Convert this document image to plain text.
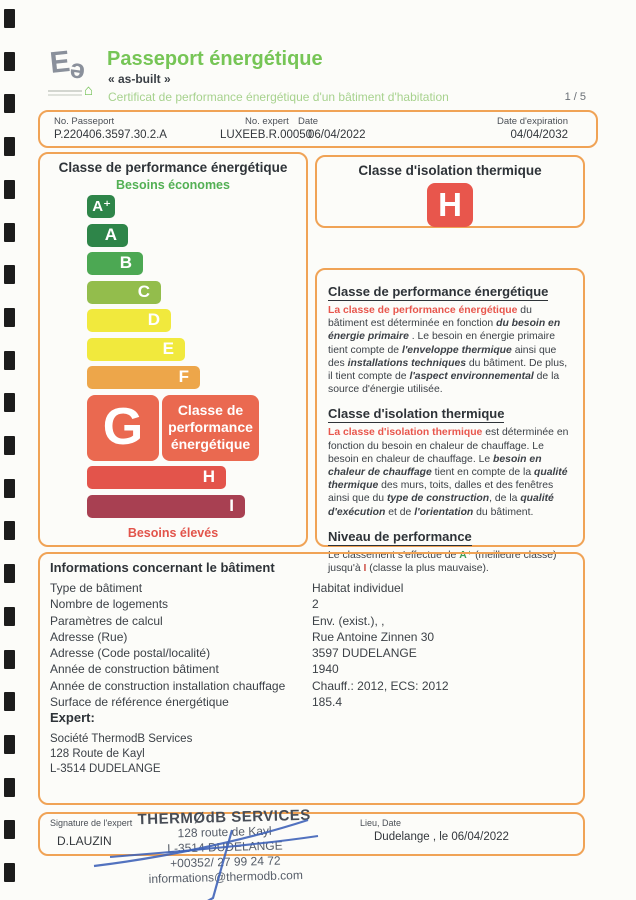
E
ə
⌂
Passeport énergétique
« as-built »
Certificat de performance énergétique d'un bâtiment d'habitation	1 / 5
No. Passeport
P.220406.3597.30.2.A
No. expert
LUXEEB.R.00050
Date
06/04/2022
Date d'expiration
04/04/2032
Classe de performance énergétique
Besoins économes
A⁺
A
B
C
D
E
F
G	Classe de
performance
énergétique
H
I
Besoins élevés
Classe d'isolation thermique
H
Classe de performance énergétique

La classe de performance énergétique du bâtiment est déterminée en fonction du besoin en énergie primaire . Le besoin en énergie primaire tient compte de l'enveloppe thermique ainsi que des installations techniques du bâtiment. De plus, il tient compte de l'aspect environnemental de la source d'énergie utilisée.

Classe d'isolation thermique

La classe d'isolation thermique est déterminée en fonction du besoin en chaleur de chauffage. Le besoin en chaleur de chauffage. Le besoin en chaleur de chauffage tient en compte de la qualité thermique des murs, toits, dalles et des fenêtres ainsi que du type de construction, de la qualité d'exécution et de l'orientation du bâtiment.

Niveau de performance

Le classement s'effectue de A⁺ (meilleure classe) jusqu'à I (classe la plus mauvaise).

Informations concernant le bâtiment
Type de bâtiment	Habitat individuel
Nombre de logements	2
Paramètres de calcul	Env. (exist.), ,
Adresse (Rue)	Rue Antoine Zinnen 30
Adresse (Code postal/localité)	3597 DUDELANGE
Année de construction bâtiment	1940
Année de construction installation chauffage	Chauff.: 2012, ECS: 2012
Surface de référence énergétique	185.4
Expert:
Société ThermodB Services
128 Route de Kayl
L-3514 DUDELANGE
Signature de l'expert
D.LAUZIN
Lieu, Date
Dudelange , le 06/04/2022
THERMØdB SERVICES
128 route de Kayl
L-3514 DUDELANGE
+00352/ 27 99 24 72
informations@thermodb.com
